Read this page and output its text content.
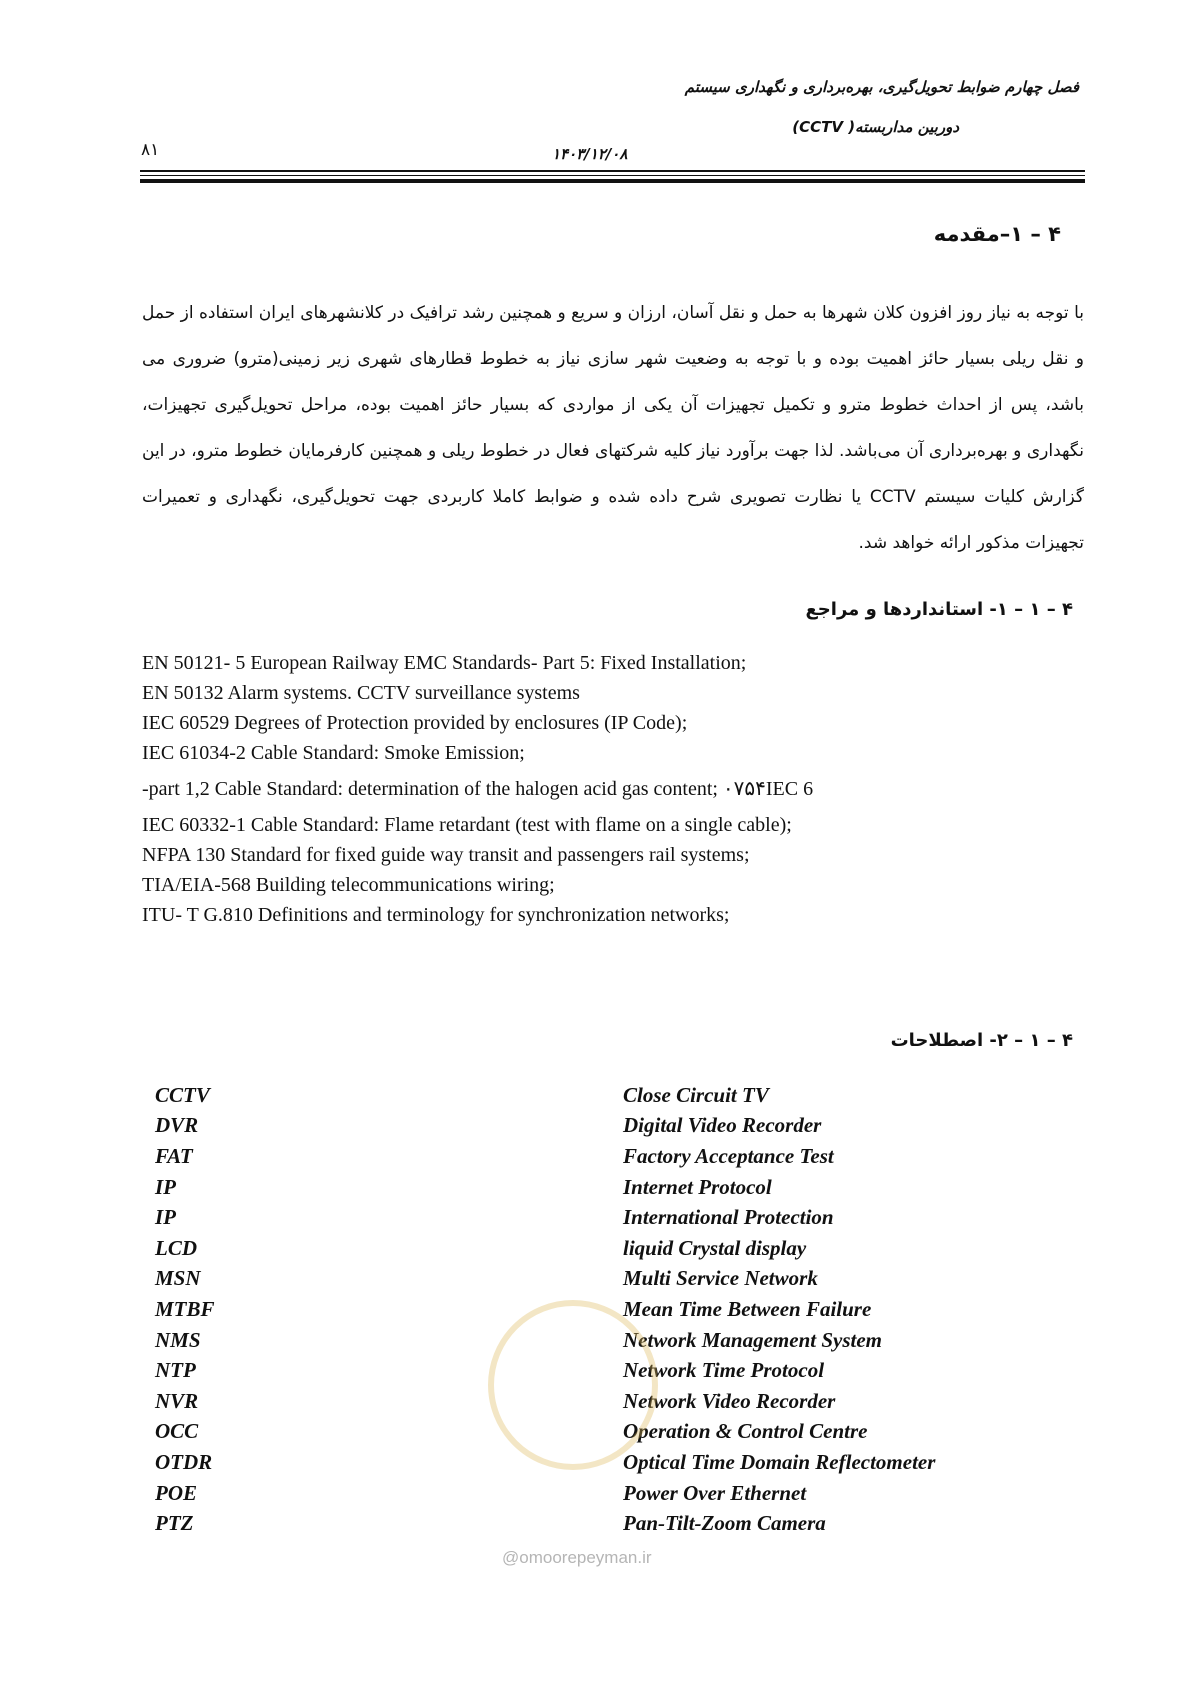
فصل چهارم ضوابط تحویل‌گیری، بهره‌برداری و نگهداری سیستم
دوربین مداربسته( CCTV)
۱۴۰۳/۱۲/۰۸
۸۱
۴ – ۱–مقدمه

با توجه به نیاز روز افزون کلان شهرها به حمل و نقل آسان، ارزان و سریع و همچنین رشد ترافیک در کلانشهرهای ایران استفاده از حمل و نقل ریلی بسیار حائز اهمیت بوده و با توجه به وضعیت شهر سازی نیاز به خطوط قطارهای شهری زیر زمینی(مترو) ضروری می باشد، پس از احداث خطوط مترو و تکمیل تجهیزات آن یکی از مواردی که بسیار حائز اهمیت بوده، مراحل تحویل‌گیری تجهیزات، نگهداری و بهره‌برداری آن می‌باشد. لذا جهت برآورد نیاز کلیه شرکتهای فعال در خطوط ریلی و همچنین کارفرمایان خطوط مترو، در این گزارش کلیات سیستم CCTV یا نظارت تصویری شرح داده شده و ضوابط کاملا کاربردی جهت تحویل‌گیری، نگهداری و تعمیرات تجهیزات مذکور ارائه خواهد شد.

۴ – ۱ – ۱- استانداردها و مراجع
EN 50121- 5 European Railway EMC Standards- Part 5: Fixed Installation;
EN 50132 Alarm systems. CCTV surveillance systems
IEC 60529 Degrees of Protection provided by enclosures (IP Code);
IEC 61034-2 Cable Standard: Smoke Emission;
-part 1,2 Cable Standard: determination of the halogen acid gas content; ۰۷۵۴IEC 6
IEC 60332-1 Cable Standard: Flame retardant (test with flame on a single cable);
NFPA 130 Standard for fixed guide way transit and passengers rail systems;
TIA/EIA-568 Building telecommunications wiring;
ITU- T G.810 Definitions and terminology for synchronization networks;
۴ – ۱ – ۲- اصطلاحات
CCTV	Close Circuit TV
DVR	Digital Video Recorder
FAT	Factory Acceptance Test
IP	Internet Protocol
IP	International Protection
LCD	liquid Crystal display
MSN	Multi Service Network
MTBF	Mean Time Between Failure
NMS	Network Management System
NTP	Network Time Protocol
NVR	Network Video Recorder
OCC	Operation & Control Centre
OTDR	Optical Time Domain Reflectometer
POE	Power Over Ethernet
PTZ	Pan-Tilt-Zoom Camera
@omoorepeyman.ir
